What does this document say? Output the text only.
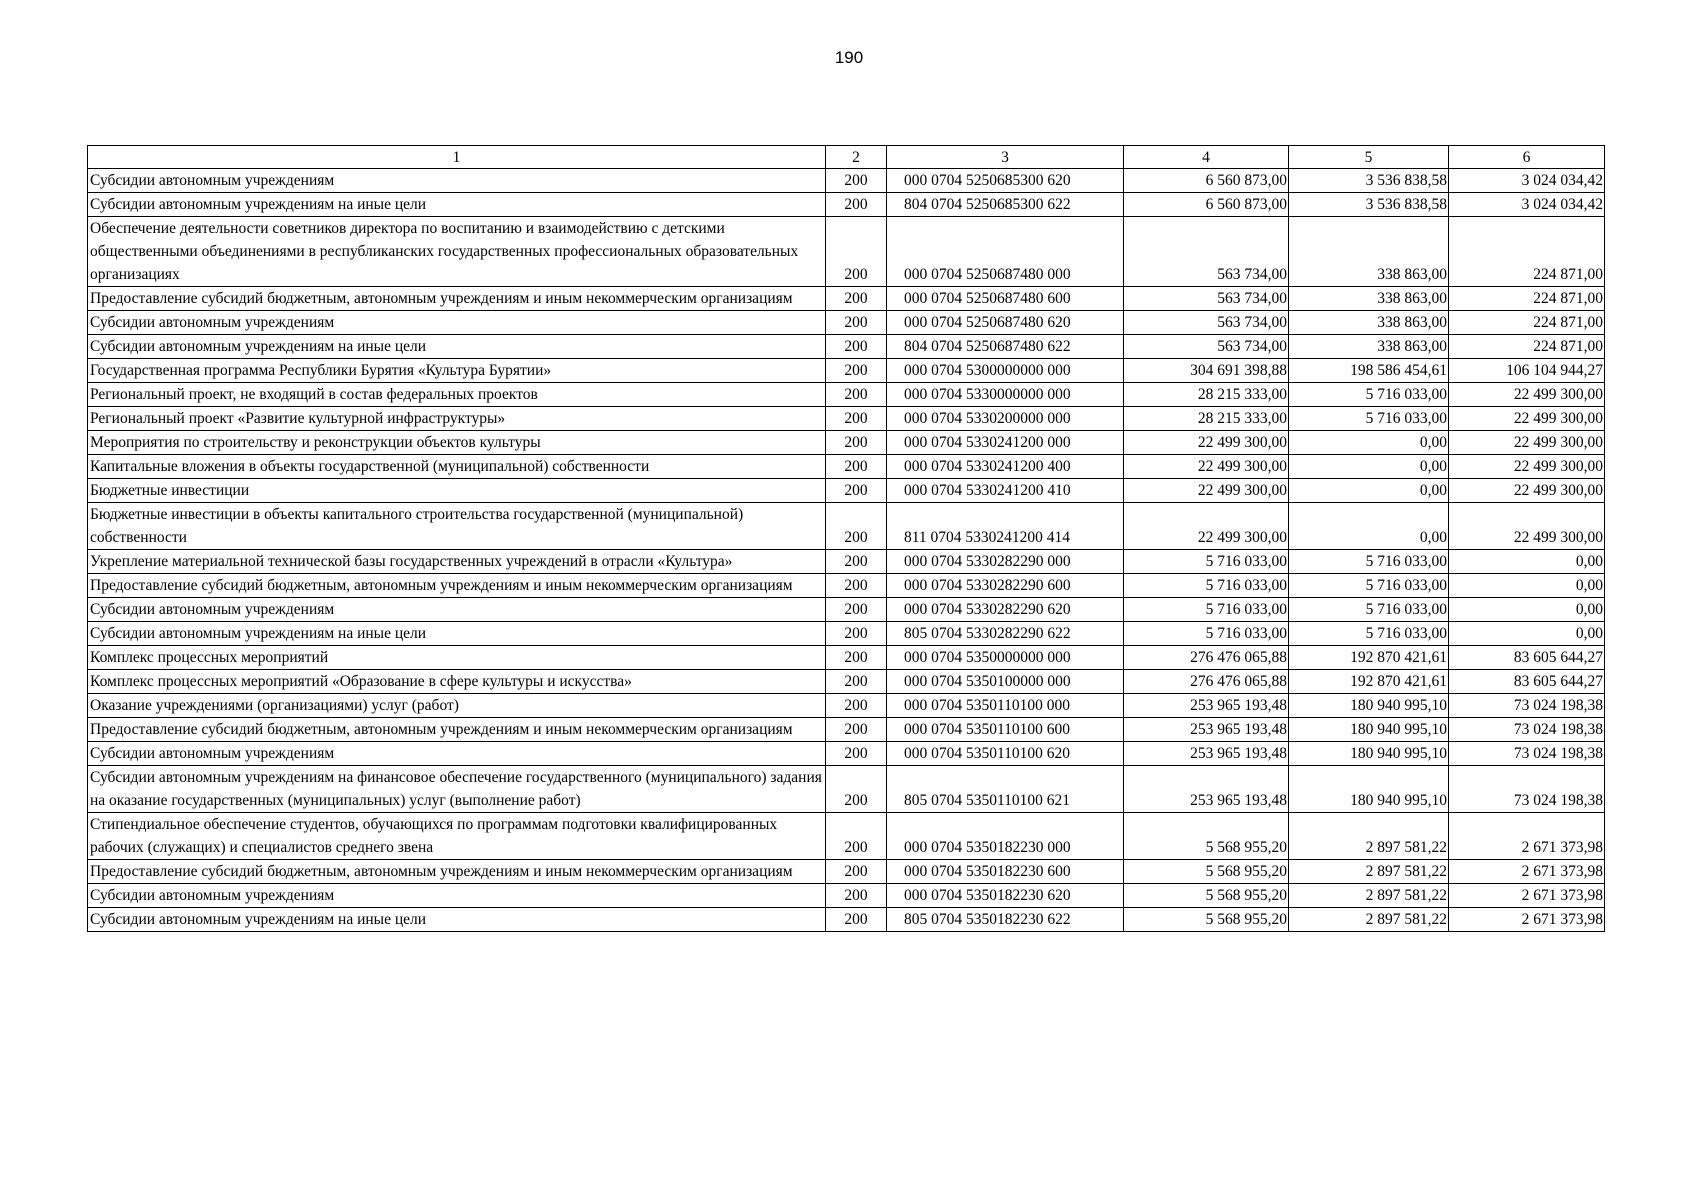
190
1	2	3	4	5	6
Субсидии автономным учреждениям	200	000 0704 5250685300 620	6 560 873,00	3 536 838,58	3 024 034,42
Субсидии автономным учреждениям на иные цели	200	804 0704 5250685300 622	6 560 873,00	3 536 838,58	3 024 034,42
Обеспечение деятельности советников директора по воспитанию и взаимодействию с детскими общественными объединениями в республиканских государственных профессиональных образовательных организациях	200	000 0704 5250687480 000	563 734,00	338 863,00	224 871,00
Предоставление субсидий бюджетным, автономным учреждениям и иным некоммерческим организациям	200	000 0704 5250687480 600	563 734,00	338 863,00	224 871,00
Субсидии автономным учреждениям	200	000 0704 5250687480 620	563 734,00	338 863,00	224 871,00
Субсидии автономным учреждениям на иные цели	200	804 0704 5250687480 622	563 734,00	338 863,00	224 871,00
Государственная программа Республики Бурятия «Культура Бурятии»	200	000 0704 5300000000 000	304 691 398,88	198 586 454,61	106 104 944,27
Региональный проект, не входящий в состав федеральных проектов	200	000 0704 5330000000 000	28 215 333,00	5 716 033,00	22 499 300,00
Региональный проект «Развитие культурной инфраструктуры»	200	000 0704 5330200000 000	28 215 333,00	5 716 033,00	22 499 300,00
Мероприятия по строительству и реконструкции объектов культуры	200	000 0704 5330241200 000	22 499 300,00	0,00	22 499 300,00
Капитальные вложения в объекты государственной (муниципальной) собственности	200	000 0704 5330241200 400	22 499 300,00	0,00	22 499 300,00
Бюджетные инвестиции	200	000 0704 5330241200 410	22 499 300,00	0,00	22 499 300,00
Бюджетные инвестиции в объекты капитального строительства государственной (муниципальной) собственности	200	811 0704 5330241200 414	22 499 300,00	0,00	22 499 300,00
Укрепление материальной технической базы государственных учреждений в отрасли «Культура»	200	000 0704 5330282290 000	5 716 033,00	5 716 033,00	0,00
Предоставление субсидий бюджетным, автономным учреждениям и иным некоммерческим организациям	200	000 0704 5330282290 600	5 716 033,00	5 716 033,00	0,00
Субсидии автономным учреждениям	200	000 0704 5330282290 620	5 716 033,00	5 716 033,00	0,00
Субсидии автономным учреждениям на иные цели	200	805 0704 5330282290 622	5 716 033,00	5 716 033,00	0,00
Комплекс процессных мероприятий	200	000 0704 5350000000 000	276 476 065,88	192 870 421,61	83 605 644,27
Комплекс процессных мероприятий «Образование в сфере культуры и искусства»	200	000 0704 5350100000 000	276 476 065,88	192 870 421,61	83 605 644,27
Оказание учреждениями (организациями) услуг (работ)	200	000 0704 5350110100 000	253 965 193,48	180 940 995,10	73 024 198,38
Предоставление субсидий бюджетным, автономным учреждениям и иным некоммерческим организациям	200	000 0704 5350110100 600	253 965 193,48	180 940 995,10	73 024 198,38
Субсидии автономным учреждениям	200	000 0704 5350110100 620	253 965 193,48	180 940 995,10	73 024 198,38
Субсидии автономным учреждениям на финансовое обеспечение государственного (муниципального) задания на оказание государственных (муниципальных) услуг (выполнение работ)	200	805 0704 5350110100 621	253 965 193,48	180 940 995,10	73 024 198,38
Стипендиальное обеспечение студентов, обучающихся по программам подготовки квалифицированных рабочих (служащих) и специалистов среднего звена	200	000 0704 5350182230 000	5 568 955,20	2 897 581,22	2 671 373,98
Предоставление субсидий бюджетным, автономным учреждениям и иным некоммерческим организациям	200	000 0704 5350182230 600	5 568 955,20	2 897 581,22	2 671 373,98
Субсидии автономным учреждениям	200	000 0704 5350182230 620	5 568 955,20	2 897 581,22	2 671 373,98
Субсидии автономным учреждениям на иные цели	200	805 0704 5350182230 622	5 568 955,20	2 897 581,22	2 671 373,98
